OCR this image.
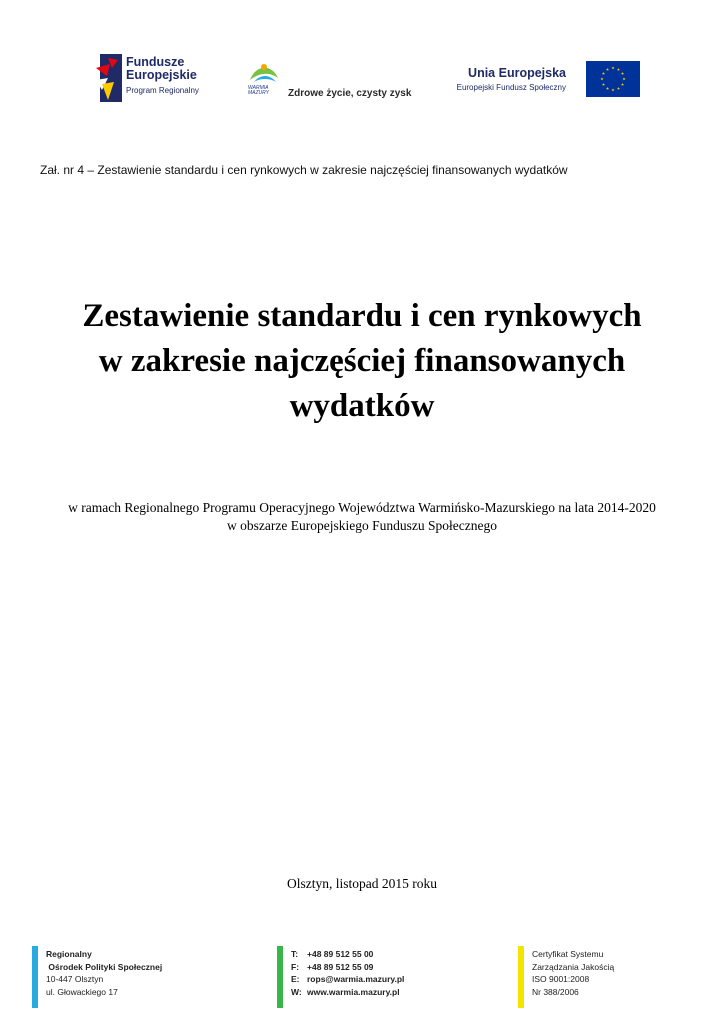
Fundusze
Europejskie
Program Regionalny	WARMIA
MAZURY	Zdrowe życie, czysty zysk
Unia Europejska
Europejski Fundusz Społeczny
Zał. nr 4 – Zestawienie standardu i cen rynkowych w zakresie najczęściej finansowanych wydatków
Zestawienie standardu i cen rynkowych
w zakresie najczęściej finansowanych
wydatków
w ramach Regionalnego Programu Operacyjnego Województwa Warmińsko-Mazurskiego na lata 2014-2020
w obszarze Europejskiego Funduszu Społecznego
Olsztyn, listopad 2015 roku
Regionalny
Ośrodek Polityki Społecznej
10-447 Olsztyn
ul. Głowackiego 17
T: +48 89 512 55 00
F: +48 89 512 55 09
E: rops@warmia.mazury.pl
W: www.warmia.mazury.pl
Certyfikat Systemu
Zarządzania Jakością
ISO 9001:2008
Nr 388/2006
